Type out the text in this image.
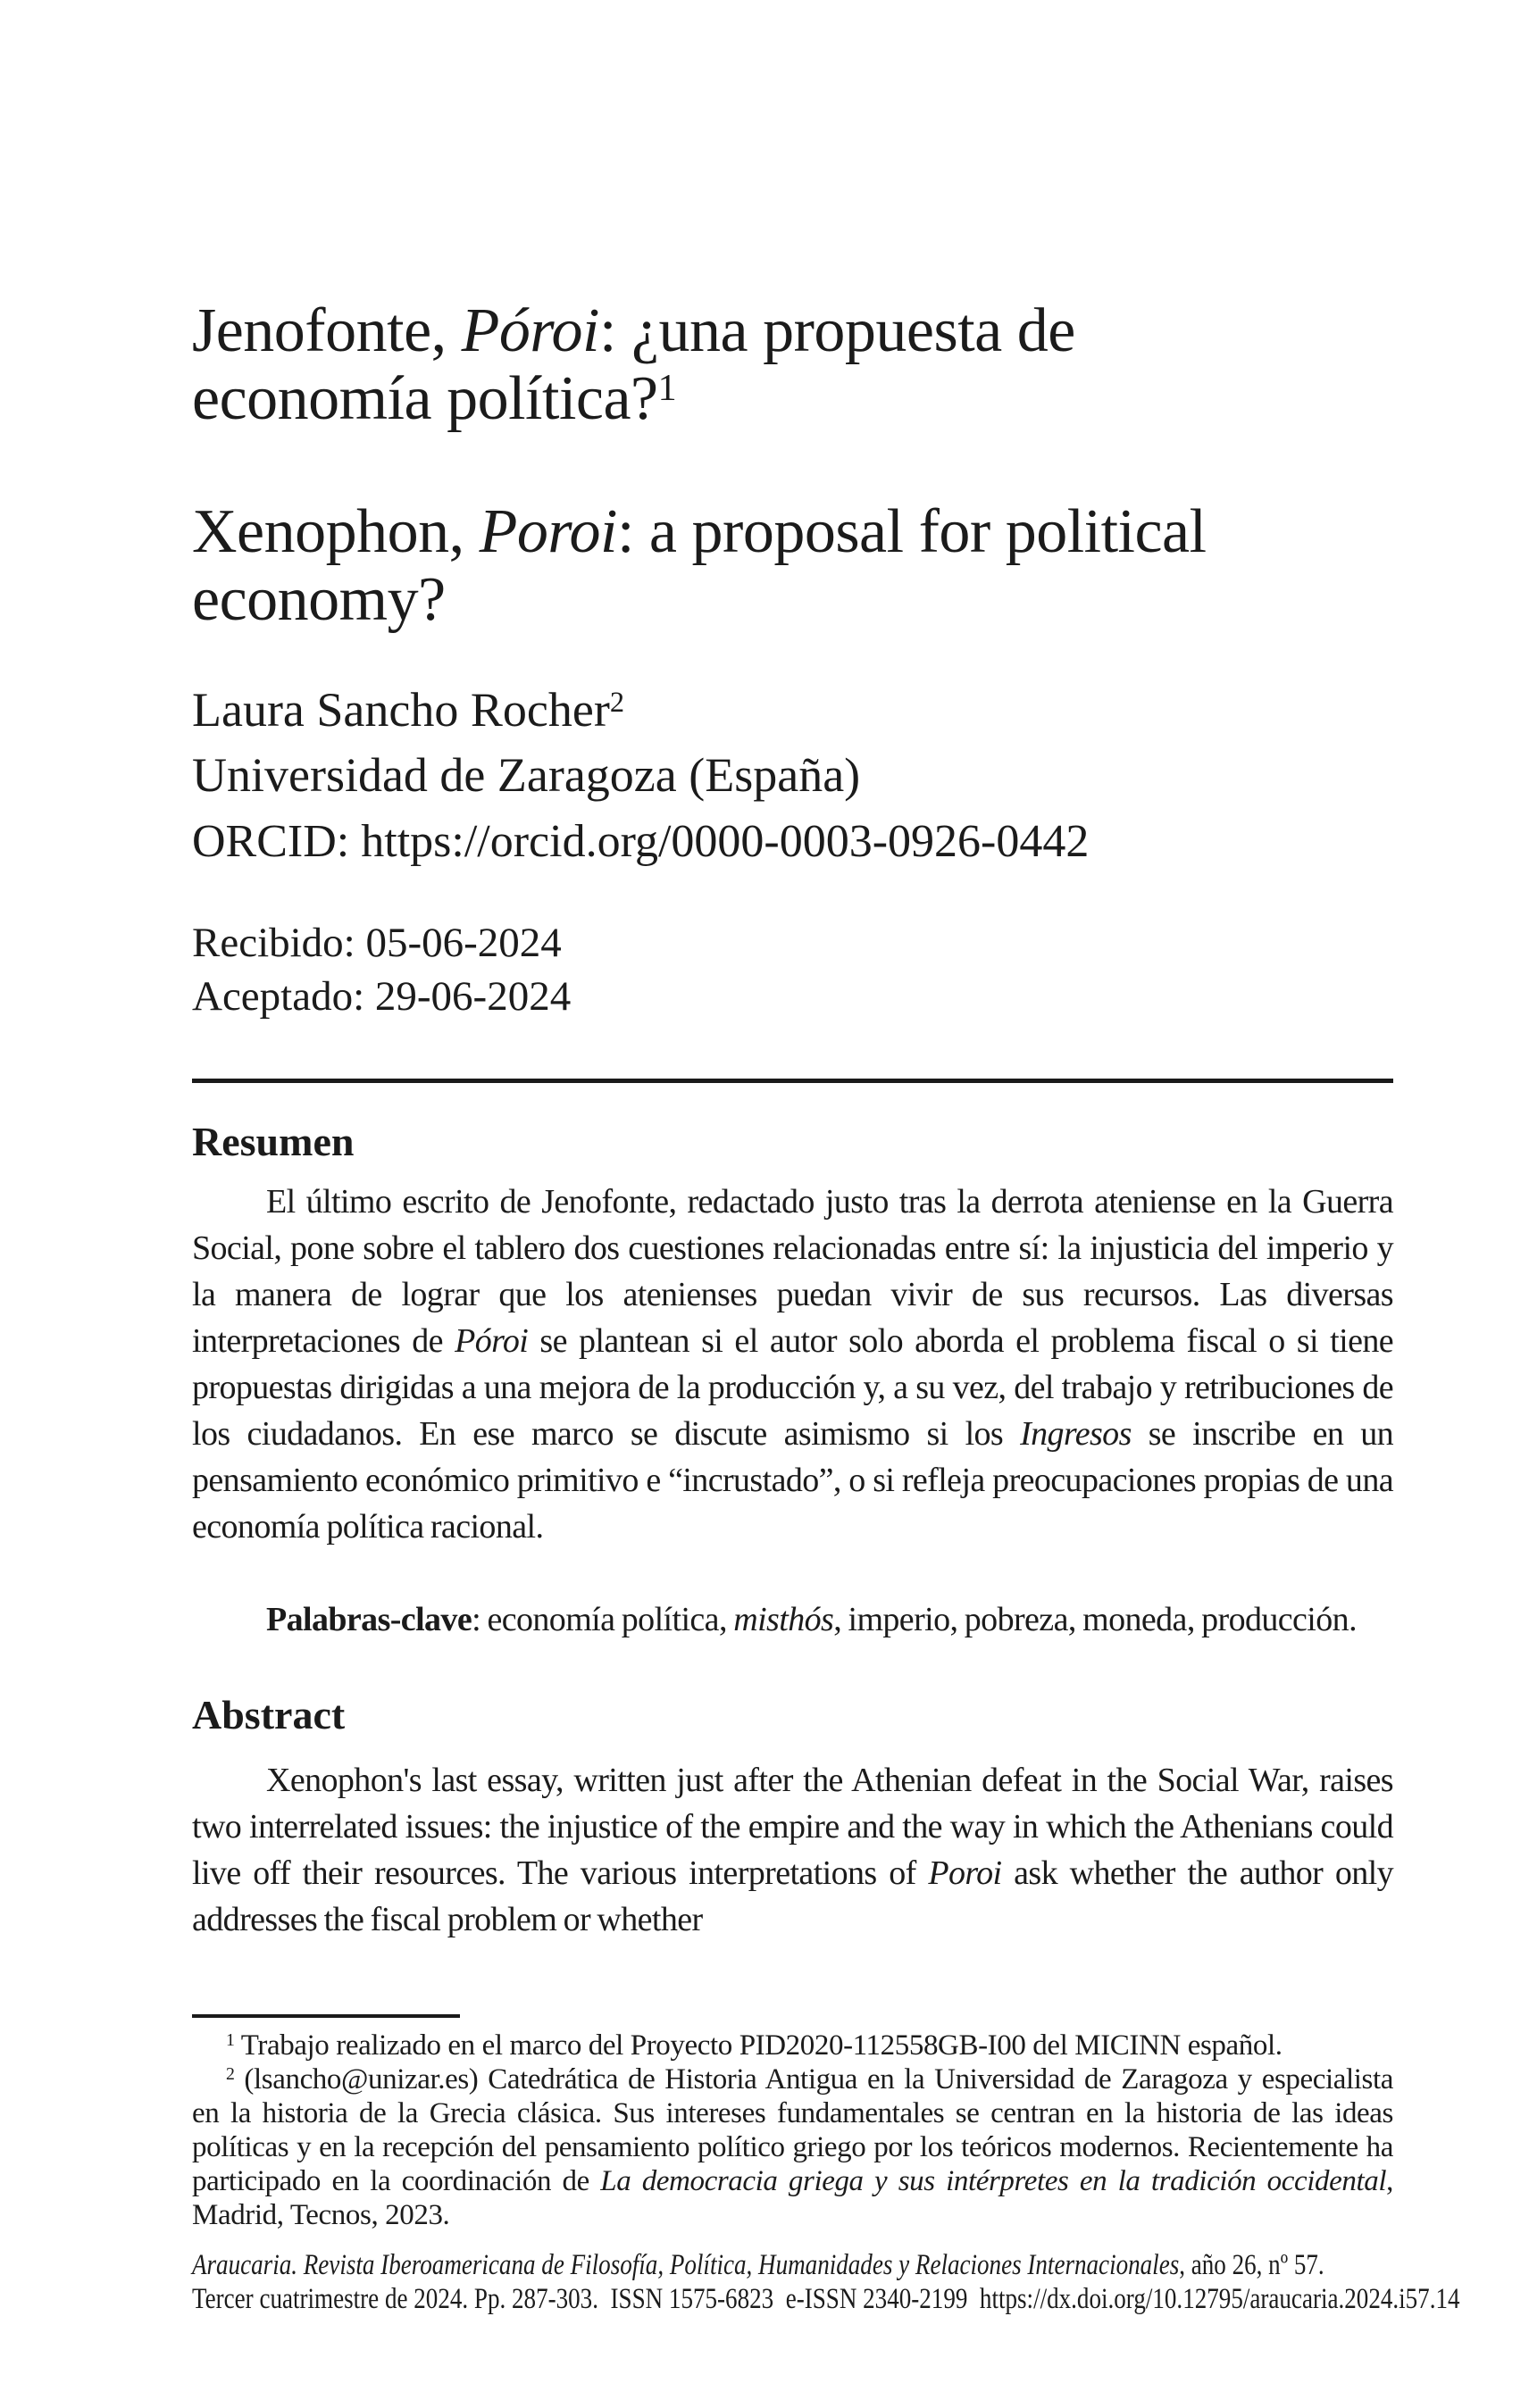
Jenofonte, Póroi: ¿una propuesta de
economía política?$^1$
Xenophon, Poroi: a proposal for political
economy?
Laura Sancho Rocher$^2$
Universidad de Zaragoza (España)
ORCID: https://orcid.org/0000-0003-0926-0442
Recibido: 05-06-2024
Aceptado: 29-06-2024
Resumen
El último escrito de Jenofonte, redactado justo tras la derrota ateniense en la Guerra Social, pone sobre el tablero dos cuestiones relacionadas entre sí: la injusticia del imperio y la manera de lograr que los atenienses puedan vivir de sus recursos. Las diversas interpretaciones de Póroi se plantean si el autor solo aborda el problema fiscal o si tiene propuestas dirigidas a una mejora de la producción y, a su vez, del trabajo y retribuciones de los ciudadanos. En ese marco se discute asimismo si los Ingresos se inscribe en un pensamiento económico primitivo e “incrustado”, o si refleja preocupaciones propias de una economía política racional.
Palabras-clave: economía política, misthós, imperio, pobreza, moneda, producción.
Abstract
Xenophon's last essay, written just after the Athenian defeat in the Social War, raises two interrelated issues: the injustice of the empire and the way in which the Athenians could live off their resources. The various interpretations of Poroi ask whether the author only addresses the fiscal problem or whether
$^1$ Trabajo realizado en el marco del Proyecto PID2020-112558GB-I00 del MICINN español.
$^2$ (lsancho@unizar.es) Catedrática de Historia Antigua en la Universidad de Zaragoza y especialista en la historia de la Grecia clásica. Sus intereses fundamentales se centran en la historia de las ideas políticas y en la recepción del pensamiento político griego por los teóricos modernos. Recientemente ha participado en la coordinación de La democracia griega y sus intérpretes en la tradición occidental, Madrid, Tecnos, 2023.
Araucaria. Revista Iberoamericana de Filosofía, Política, Humanidades y Relaciones Internacionales, año 26, nº 57.
Tercer cuatrimestre de 2024. Pp. 287-303.  ISSN 1575-6823  e-ISSN 2340-2199  https://dx.doi.org/10.12795/araucaria.2024.i57.14
